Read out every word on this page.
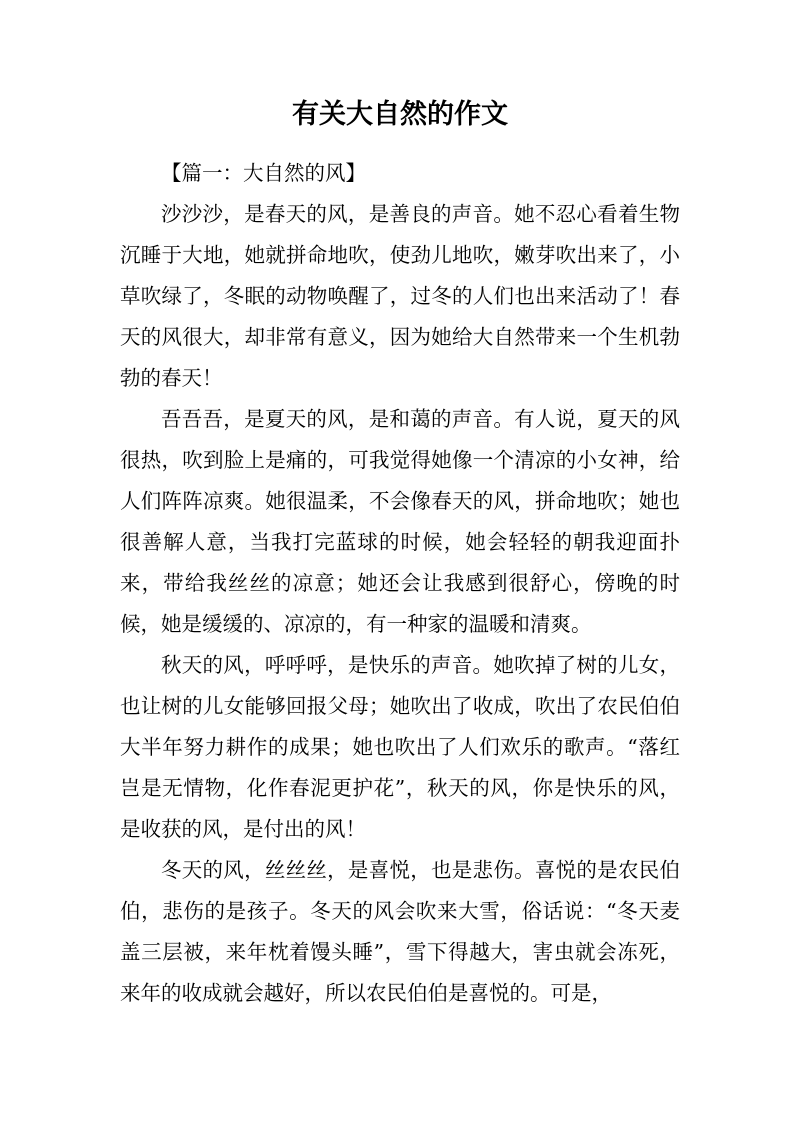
有关大自然的作文

【篇一：大自然的风】

沙沙沙，是春天的风，是善良的声音。她不忍心看着生物沉睡于大地，她就拼命地吹，使劲儿地吹，嫩芽吹出来了，小草吹绿了，冬眠的动物唤醒了，过冬的人们也出来活动了！春天的风很大，却非常有意义，因为她给大自然带来一个生机勃勃的春天！

吾吾吾，是夏天的风，是和蔼的声音。有人说，夏天的风很热，吹到脸上是痛的，可我觉得她像一个清凉的小女神，给人们阵阵凉爽。她很温柔，不会像春天的风，拼命地吹；她也很善解人意，当我打完蓝球的时候，她会轻轻的朝我迎面扑来，带给我丝丝的凉意；她还会让我感到很舒心，傍晚的时候，她是缓缓的、凉凉的，有一种家的温暖和清爽。

秋天的风，呼呼呼，是快乐的声音。她吹掉了树的儿女，也让树的儿女能够回报父母；她吹出了收成，吹出了农民伯伯大半年努力耕作的成果；她也吹出了人们欢乐的歌声。“落红岂是无情物，化作春泥更护花”，秋天的风，你是快乐的风，是收获的风，是付出的风！

冬天的风，丝丝丝，是喜悦，也是悲伤。喜悦的是农民伯伯，悲伤的是孩子。冬天的风会吹来大雪，俗话说：“冬天麦盖三层被，来年枕着馒头睡”，雪下得越大，害虫就会冻死，来年的收成就会越好，所以农民伯伯是喜悦的。可是，
